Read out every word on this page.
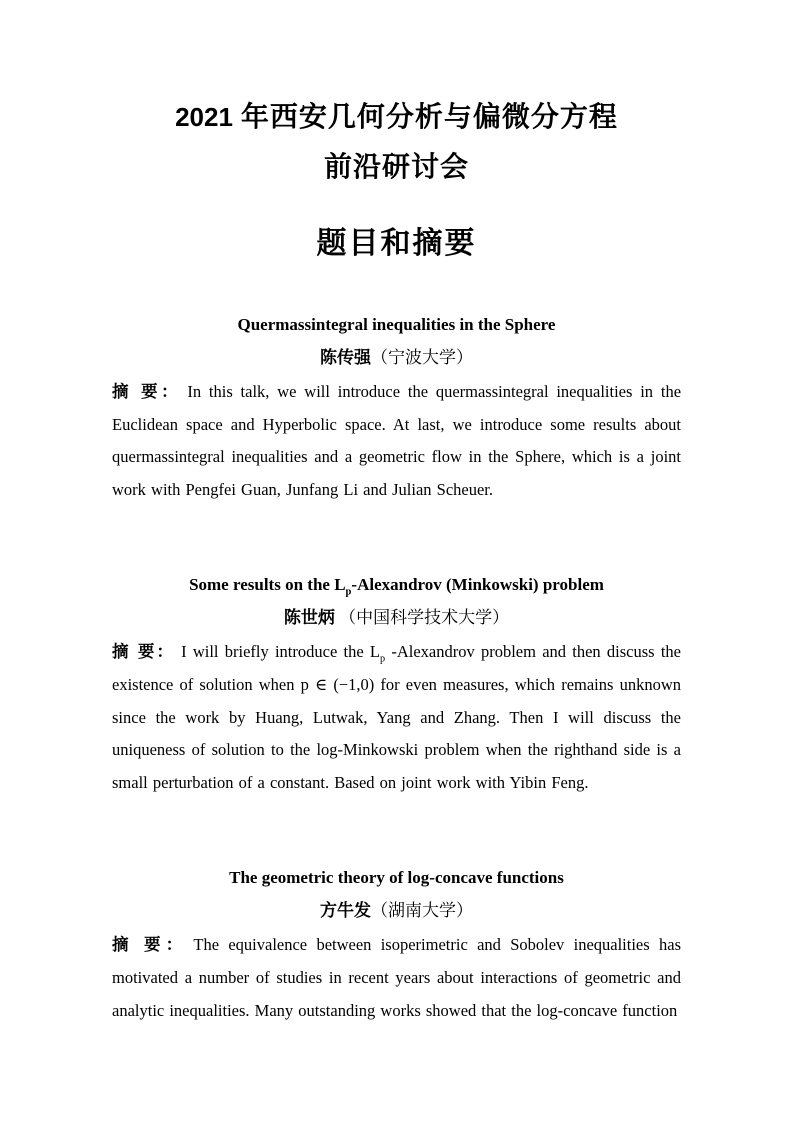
2021 年西安几何分析与偏微分方程
前沿研讨会
题目和摘要
Quermassintegral inequalities in the Sphere

陈传强（宁波大学）

摘 要： In this talk, we will introduce the quermassintegral inequalities in the Euclidean space and Hyperbolic space. At last, we introduce some results about quermassintegral inequalities and a geometric flow in the Sphere, which is a joint work with Pengfei Guan, Junfang Li and Julian Scheuer.

Some results on the $L_p$-Alexandrov (Minkowski) problem

陈世炳 （中国科学技术大学）

摘 要： I will briefly introduce the $L_p$ -Alexandrov problem and then discuss the existence of solution when p ∈ (−1,0) for even measures, which remains unknown since the work by Huang, Lutwak, Yang and Zhang. Then I will discuss the uniqueness of solution to the log-Minkowski problem when the righthand side is a small perturbation of a constant. Based on joint work with Yibin Feng.

The geometric theory of log-concave functions

方牛发（湖南大学）

摘 要： The equivalence between isoperimetric and Sobolev inequalities has motivated a number of studies in recent years about interactions of geometric and analytic inequalities. Many outstanding works showed that the log-concave function
